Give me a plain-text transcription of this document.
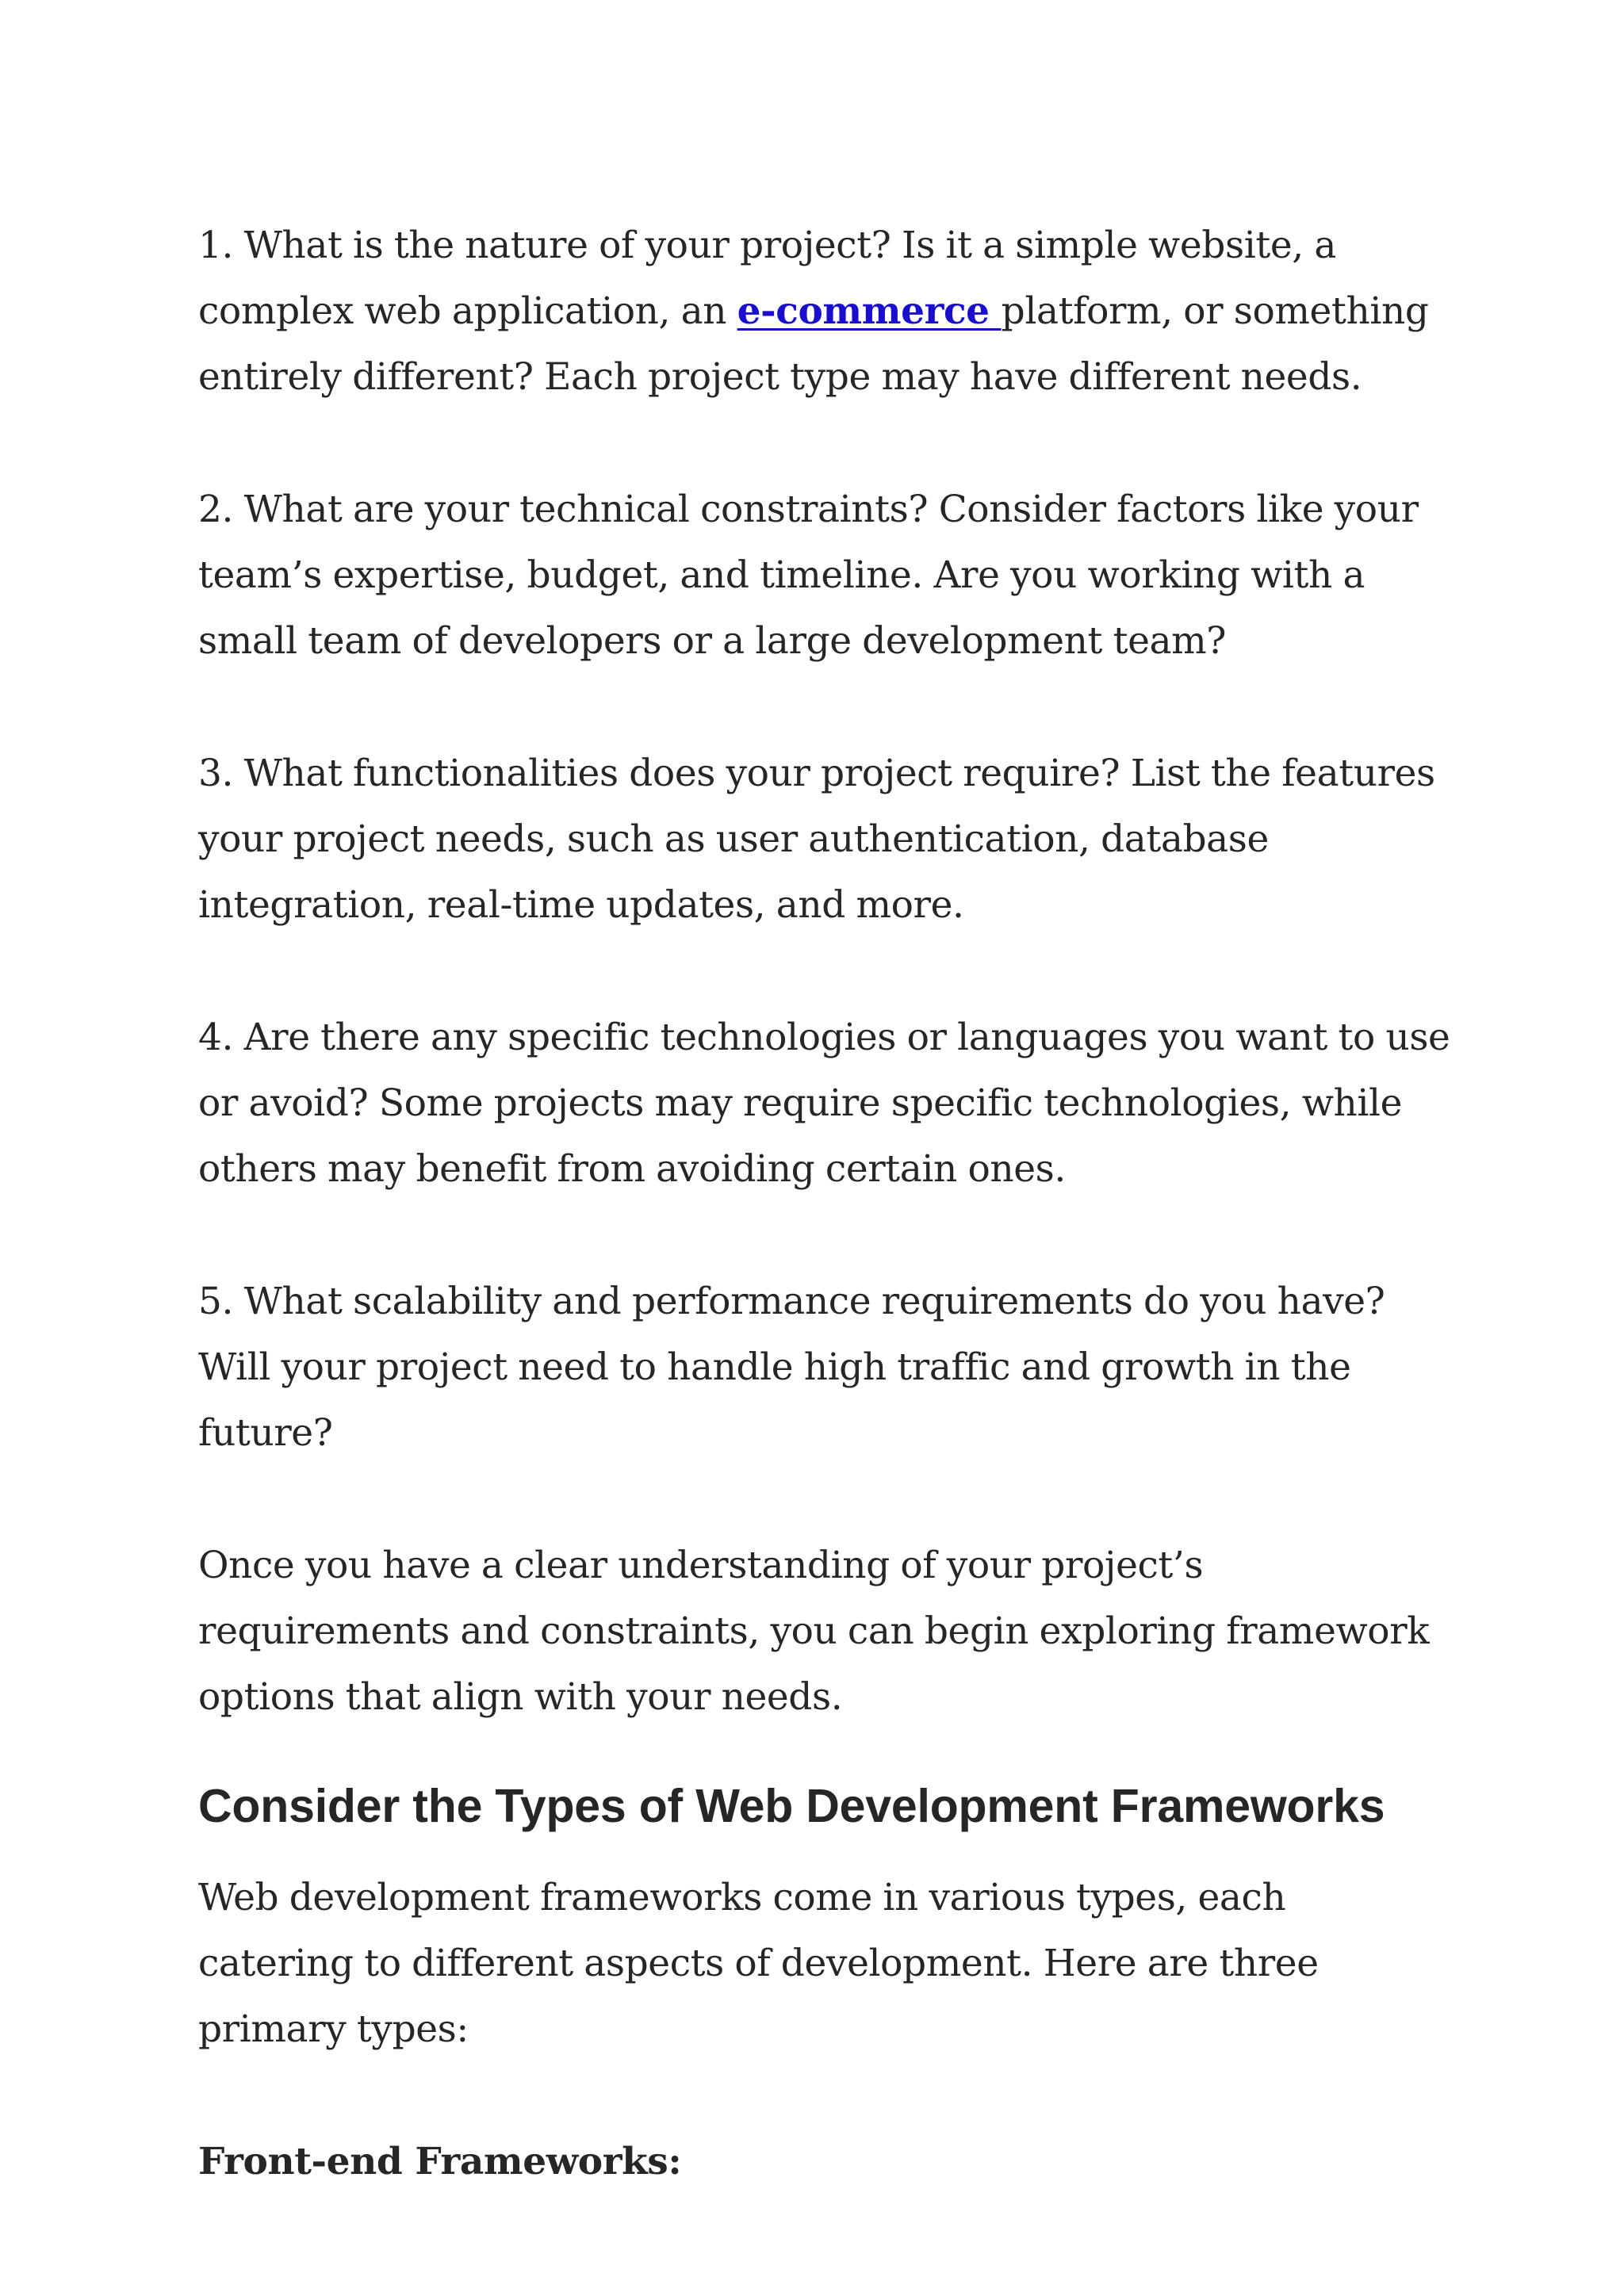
1. What is the nature of your project? Is it a simple website, a complex web application, an e-commerce platform, or something entirely different? Each project type may have different needs.

2. What are your technical constraints? Consider factors like your team’s expertise, budget, and timeline. Are you working with a small team of developers or a large development team?

3. What functionalities does your project require? List the features your project needs, such as user authentication, database integration, real-time updates, and more.

4. Are there any specific technologies or languages you want to use or avoid? Some projects may require specific technologies, while others may benefit from avoiding certain ones.

5. What scalability and performance requirements do you have? Will your project need to handle high traffic and growth in the future?

Once you have a clear understanding of your project’s requirements and constraints, you can begin exploring framework options that align with your needs.

Consider the Types of Web Development Frameworks

Web development frameworks come in various types, each catering to different aspects of development. Here are three primary types:

Front-end Frameworks:
